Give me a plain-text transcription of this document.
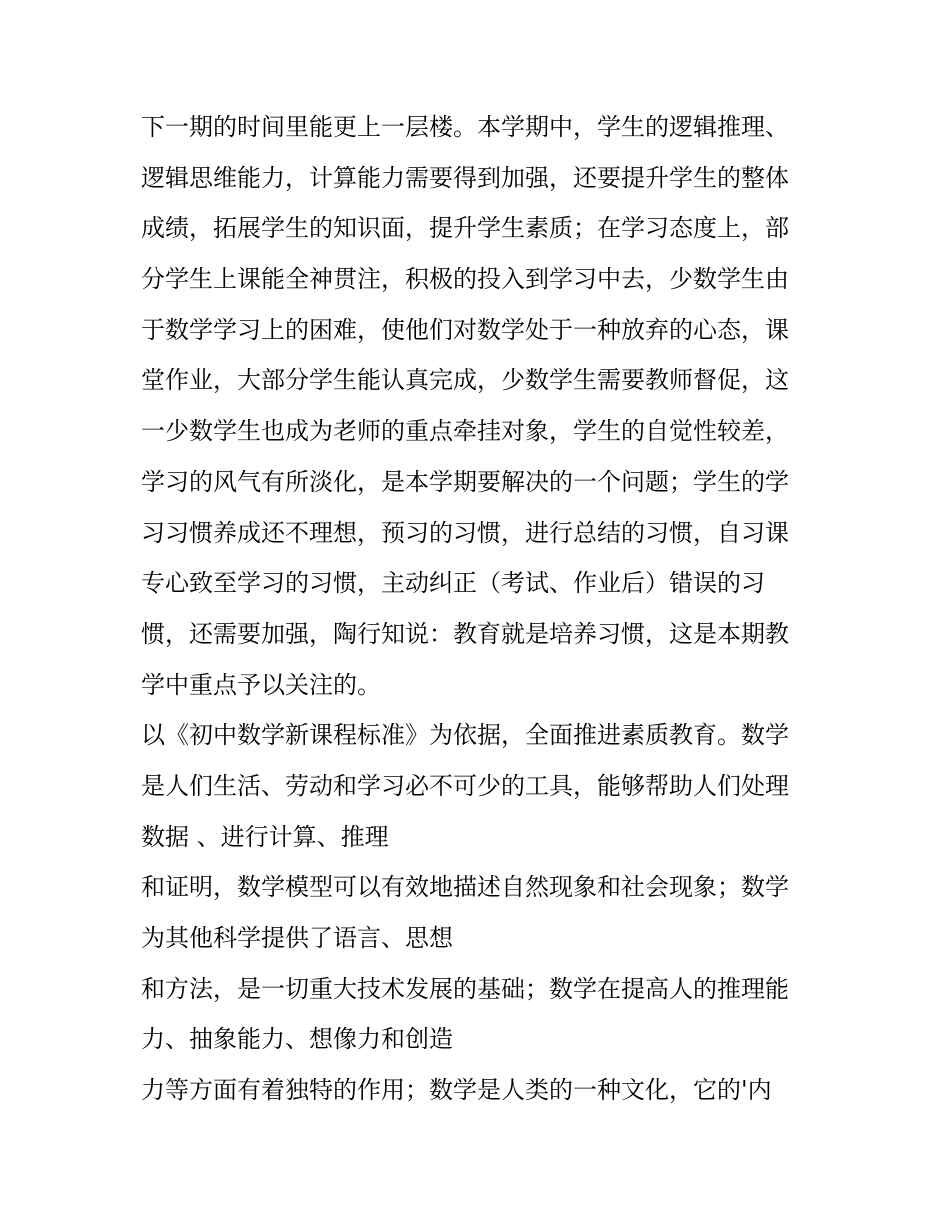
下一期的时间里能更上一层楼。本学期中，学生的逻辑推理、
逻辑思维能力，计算能力需要得到加强，还要提升学生的整体
成绩，拓展学生的知识面，提升学生素质；在学习态度上，部
分学生上课能全神贯注，积极的投入到学习中去，少数学生由
于数学学习上的困难，使他们对数学处于一种放弃的心态，课
堂作业，大部分学生能认真完成，少数学生需要教师督促，这
一少数学生也成为老师的重点牵挂对象，学生的自觉性较差，
学习的风气有所淡化，是本学期要解决的一个问题；学生的学
习习惯养成还不理想，预习的习惯，进行总结的习惯，自习课
专心致至学习的习惯，主动纠正（考试、作业后）错误的习
惯，还需要加强，陶行知说：教育就是培养习惯，这是本期教
学中重点予以关注的。
以《初中数学新课程标准》为依据，全面推进素质教育。数学
是人们生活、劳动和学习必不可少的工具，能够帮助人们处理
数据 、进行计算、推理
和证明，数学模型可以有效地描述自然现象和社会现象；数学
为其他科学提供了语言、思想
和方法，是一切重大技术发展的基础；数学在提高人的推理能
力、抽象能力、想像力和创造
力等方面有着独特的作用；数学是人类的一种文化，它的'内
